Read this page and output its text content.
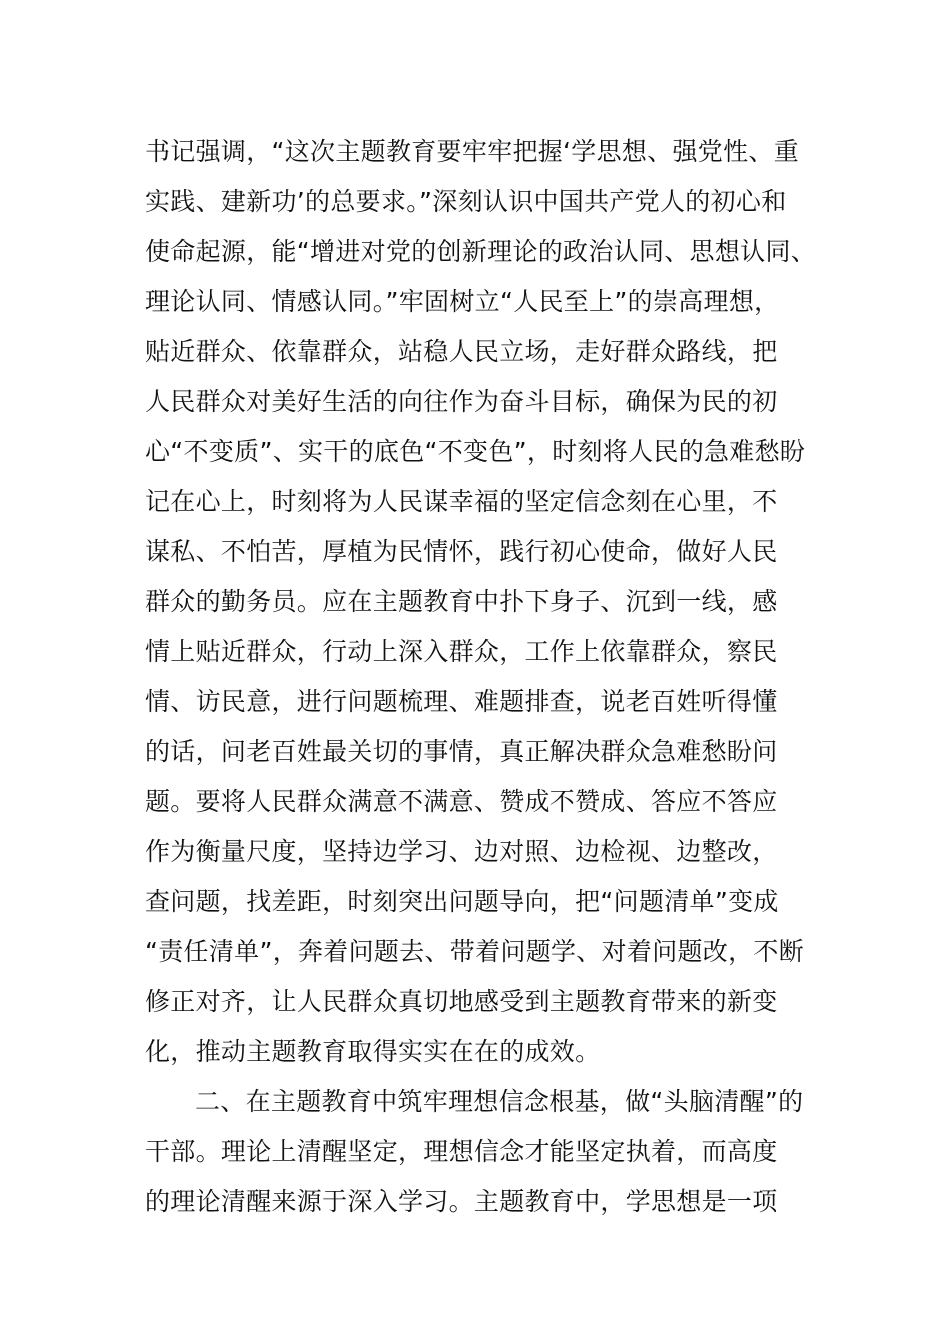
书记强调，“这次主题教育要牢牢把握‘学思想、强党性、重
实践、建新功’的总要求。”深刻认识中国共产党人的初心和
使命起源，能“增进对党的创新理论的政治认同、思想认同、
理论认同、情感认同。”牢固树立“人民至上”的崇高理想，
贴近群众、依靠群众，站稳人民立场，走好群众路线，把
人民群众对美好生活的向往作为奋斗目标，确保为民的初
心“不变质”、实干的底色“不变色”，时刻将人民的急难愁盼
记在心上，时刻将为人民谋幸福的坚定信念刻在心里，不
谋私、不怕苦，厚植为民情怀，践行初心使命，做好人民
群众的勤务员。应在主题教育中扑下身子、沉到一线，感
情上贴近群众，行动上深入群众，工作上依靠群众，察民
情、访民意，进行问题梳理、难题排查，说老百姓听得懂
的话，问老百姓最关切的事情，真正解决群众急难愁盼问
题。要将人民群众满意不满意、赞成不赞成、答应不答应
作为衡量尺度，坚持边学习、边对照、边检视、边整改，
查问题，找差距，时刻突出问题导向，把“问题清单”变成
“责任清单”，奔着问题去、带着问题学、对着问题改，不断
修正对齐，让人民群众真切地感受到主题教育带来的新变
化，推动主题教育取得实实在在的成效。
二、在主题教育中筑牢理想信念根基，做“头脑清醒”的
干部。理论上清醒坚定，理想信念才能坚定执着，而高度
的理论清醒来源于深入学习。主题教育中，学思想是一项
